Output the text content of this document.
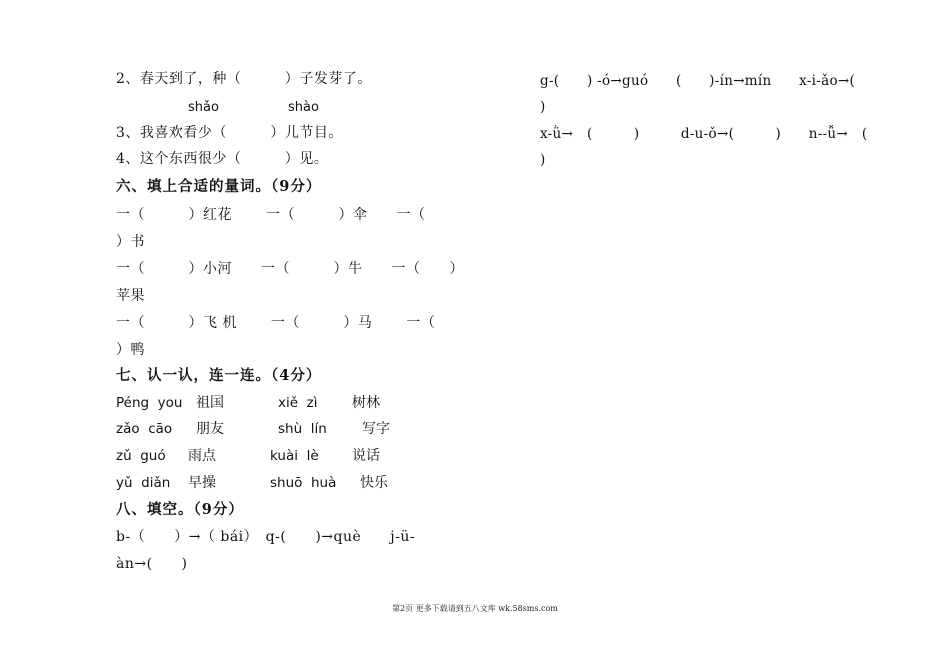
2、春天到了，种（　　　）子发芽了。
shǎo	shào
3、我喜欢看少（　　　）儿节目。
4、这个东西很少（　　　）见。
六、填上合适的量词。（9分）
一（　　　）红花　　 一（　　　）伞　　一（
）书
一（　　　）小河　　一（　　　）牛　　一（　　）
苹果
一（　　　）飞 机　　 一（　　　）马　　 一（
）鸭
七、认一认，连一连。（4分）
Péng  you 祖国	xiě  zì 树林
zǎo  cāo 朋友	shù  lín	写字
zǔ  guó 雨点	kuài  lè 说话
yǔ  diǎn 早操	shuō  huà 快乐
八、填空。（9分）
b-（　　）→（ bái）　q-(　　)→què　　j-ü-
àn→(　　)
g-(　　) -ó→guó　　(　　)-ín→mín　　x-i-ǎo→(
)
x-ǜ→　(　　　)　　　d-u-ǒ→(　　　)　　n--ǚ→　(
)
第2页 更多下载请到五八文库 wk.58sms.com
